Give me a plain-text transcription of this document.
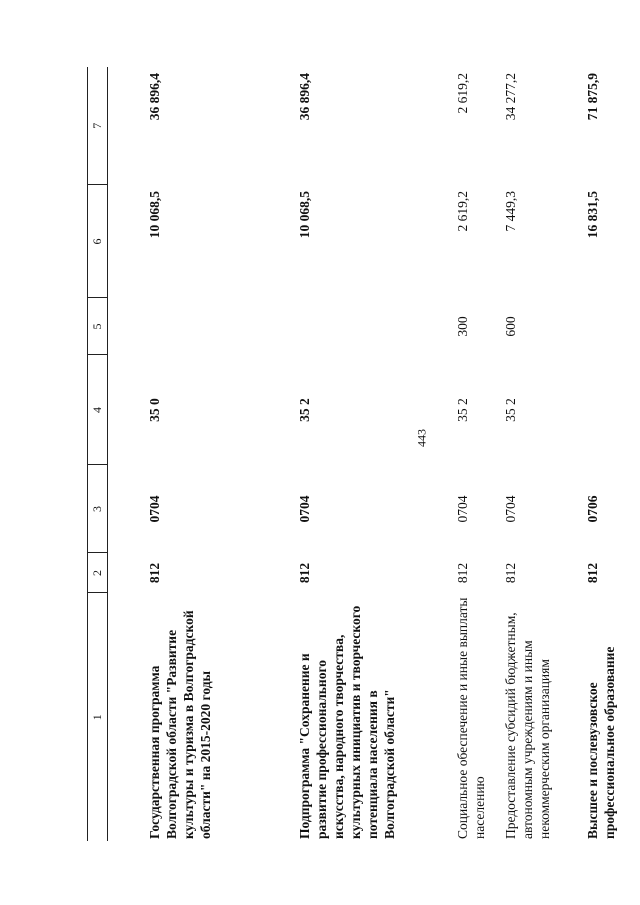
443
1	2	3	4	5	6	7
Государственная программа Волгоградской области "Развитие культуры и туризма в Волгоградской области" на 2015-2020 годы	812	0704	35 0		10 068,5	36 896,4
Подпрограмма "Сохранение и развитие профессионального искусства, народного творчества, культурных инициатив и творческого потенциала населения в Волгоградской области"	812	0704	35 2		10 068,5	36 896,4
Социальное обеспечение и иные выплаты населению	812	0704	35 2	300	2 619,2	2 619,2
Предоставление субсидий бюджетным, автономным учреждениям и иным некоммерческим организациям	812	0704	35 2	600	7 449,3	34 277,2
Высшее и послевузовское профессиональное образование	812	0706			16 831,5	71 875,9
